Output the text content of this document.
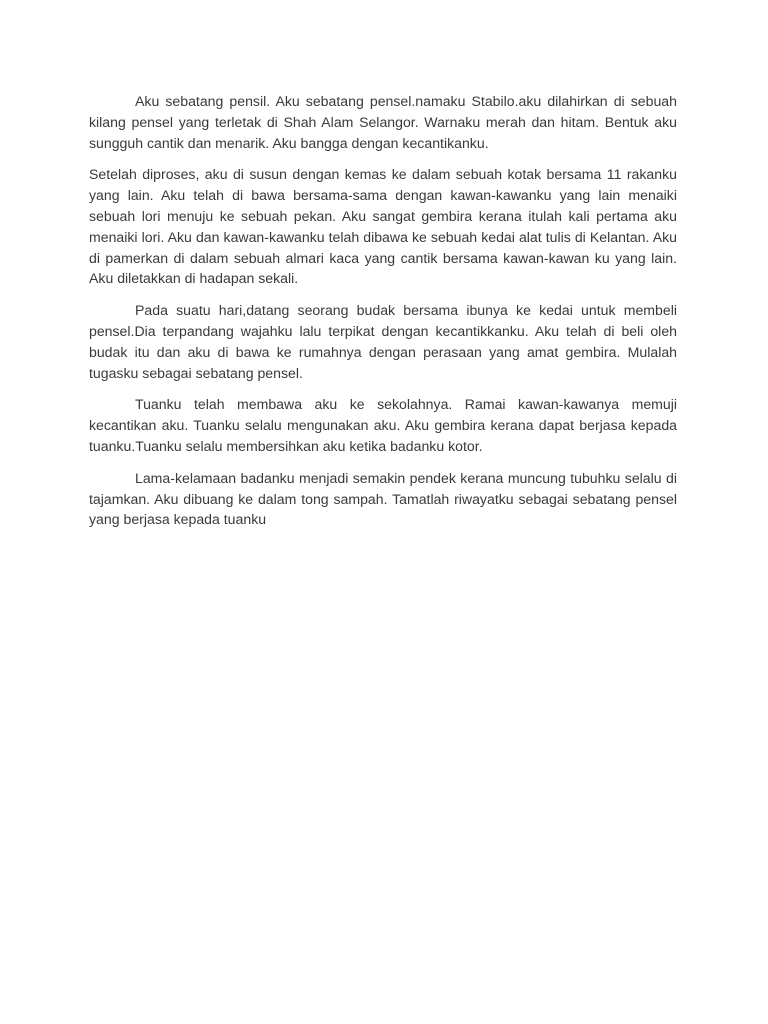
Aku sebatang pensil. Aku sebatang pensel.namaku Stabilo.aku dilahirkan di sebuah kilang pensel yang terletak di Shah Alam Selangor. Warnaku merah dan hitam. Bentuk aku sungguh cantik dan menarik. Aku bangga dengan kecantikanku.

Setelah diproses, aku di susun dengan kemas ke dalam sebuah kotak bersama 11 rakanku yang lain. Aku telah di bawa bersama-sama dengan kawan-kawanku yang lain menaiki sebuah lori menuju ke sebuah pekan. Aku sangat gembira kerana itulah kali pertama aku menaiki lori. Aku dan kawan-kawanku telah dibawa ke sebuah kedai alat tulis di Kelantan. Aku di pamerkan di dalam sebuah almari kaca yang cantik bersama kawan-kawan ku yang lain. Aku diletakkan di hadapan sekali.

Pada suatu hari,datang seorang budak bersama ibunya ke kedai untuk membeli pensel.Dia terpandang wajahku lalu terpikat dengan kecantikkanku. Aku telah di beli oleh budak itu dan aku di bawa ke rumahnya dengan perasaan yang amat gembira. Mulalah tugasku sebagai sebatang pensel.

Tuanku telah membawa aku ke sekolahnya. Ramai kawan-kawanya memuji kecantikan aku. Tuanku selalu mengunakan aku. Aku gembira kerana dapat berjasa kepada tuanku.Tuanku selalu membersihkan aku ketika badanku kotor.

Lama-kelamaan badanku menjadi semakin pendek kerana muncung tubuhku selalu di tajamkan. Aku dibuang ke dalam tong sampah. Tamatlah riwayatku sebagai sebatang pensel yang berjasa kepada tuanku
